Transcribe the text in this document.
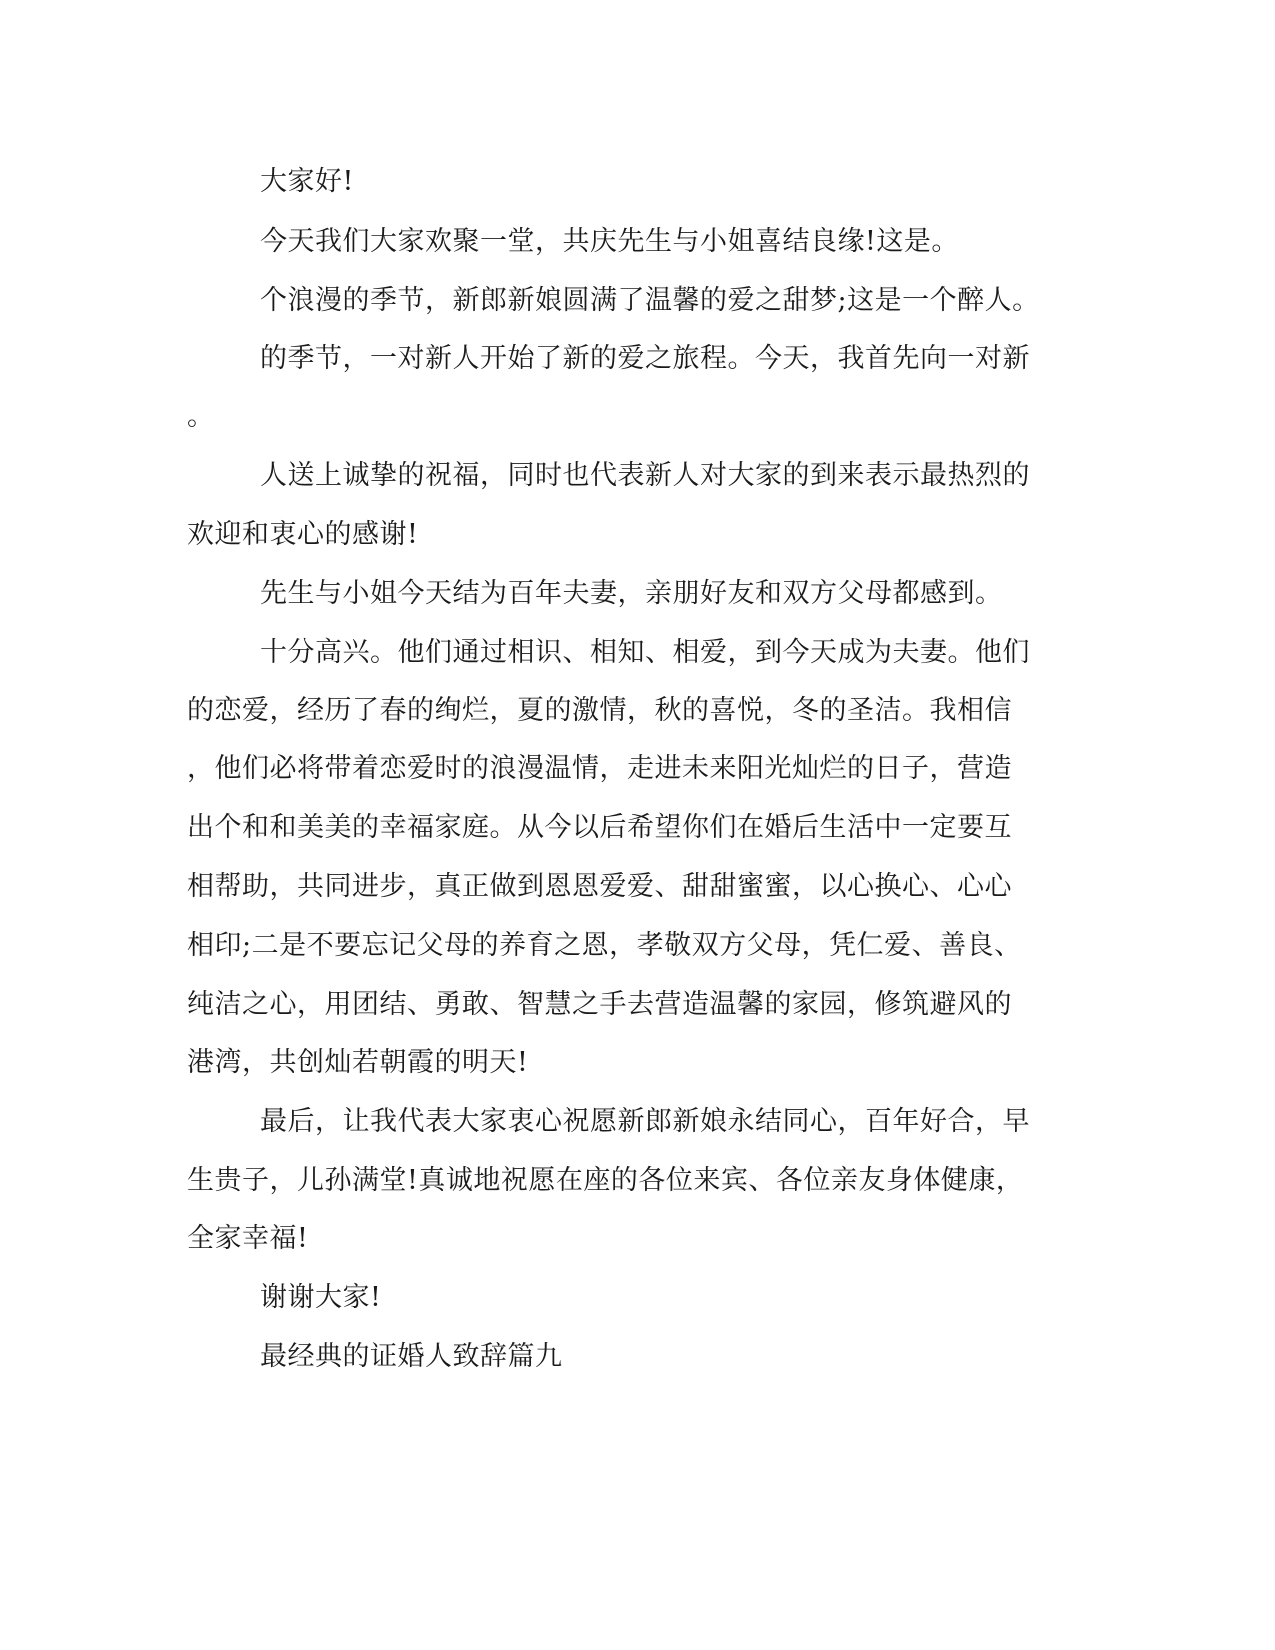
大家好!
今天我们大家欢聚一堂，共庆先生与小姐喜结良缘!这是。
个浪漫的季节，新郎新娘圆满了温馨的爱之甜梦;这是一个醉人。
的季节，一对新人开始了新的爱之旅程。今天，我首先向一对新
。
人送上诚挚的祝福，同时也代表新人对大家的到来表示最热烈的
欢迎和衷心的感谢!
先生与小姐今天结为百年夫妻，亲朋好友和双方父母都感到。
十分高兴。他们通过相识、相知、相爱，到今天成为夫妻。他们
的恋爱，经历了春的绚烂，夏的激情，秋的喜悦，冬的圣洁。我相信
，他们必将带着恋爱时的浪漫温情，走进未来阳光灿烂的日子，营造
出个和和美美的幸福家庭。从今以后希望你们在婚后生活中一定要互
相帮助，共同进步，真正做到恩恩爱爱、甜甜蜜蜜，以心换心、心心
相印;二是不要忘记父母的养育之恩，孝敬双方父母，凭仁爱、善良、
纯洁之心，用团结、勇敢、智慧之手去营造温馨的家园，修筑避风的
港湾，共创灿若朝霞的明天!
最后，让我代表大家衷心祝愿新郎新娘永结同心，百年好合，早
生贵子，儿孙满堂!真诚地祝愿在座的各位来宾、各位亲友身体健康，
全家幸福!
谢谢大家!
最经典的证婚人致辞篇九
